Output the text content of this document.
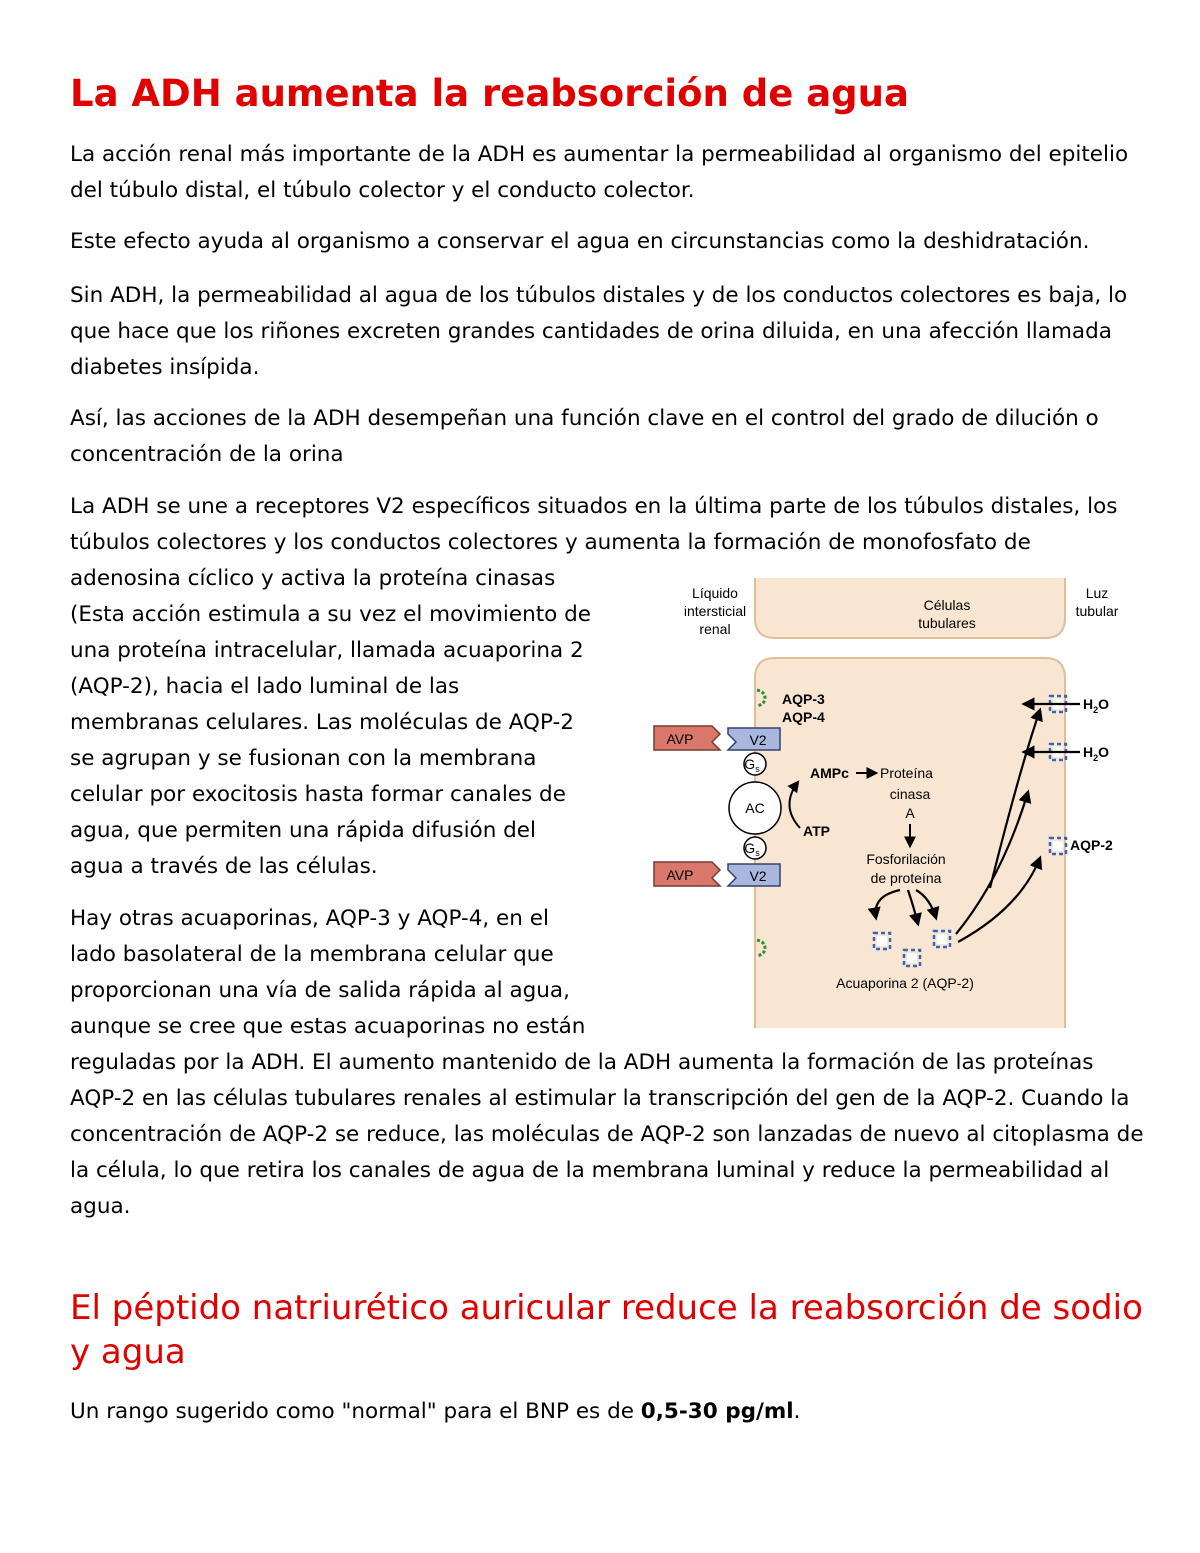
La ADH aumenta la reabsorción de agua

La acción renal más importante de la ADH es aumentar la permeabilidad al organismo del epitelio del túbulo distal, el túbulo colector y el conducto colector.

Este efecto ayuda al organismo a conservar el agua en circunstancias como la deshidratación.

Sin ADH, la permeabilidad al agua de los túbulos distales y de los conductos colectores es baja, lo que hace que los riñones excreten grandes cantidades de orina diluida, en una afección llamada diabetes insípida.

Así, las acciones de la ADH desempeñan una función clave en el control del grado de dilución o concentración de la orina

La ADH se une a receptores V2 específicos situados en la última parte de los túbulos distales, los túbulos colectores y los conductos colectores y aumenta la formación de monofosfato de

adenosina cíclico y activa la proteína cinasas

(Esta acción estimula a su vez el movimiento de

una proteína intracelular, llamada acuaporina 2

(AQP-2), hacia el lado luminal de las

membranas celulares. Las moléculas de AQP-2

se agrupan y se fusionan con la membrana

celular por exocitosis hasta formar canales de

agua, que permiten una rápida difusión del

agua a través de las células.

Hay otras acuaporinas, AQP-3 y AQP-4, en el

lado basolateral de la membrana celular que

proporcionan una vía de salida rápida al agua,

aunque se cree que estas acuaporinas no están

reguladas por la ADH. El aumento mantenido de la ADH aumenta la formación de las proteínas AQP-2 en las células tubulares renales al estimular la transcripción del gen de la AQP-2. Cuando la concentración de AQP-2 se reduce, las moléculas de AQP-2 son lanzadas de nuevo al citoplasma de la célula, lo que retira los canales de agua de la membrana luminal y reduce la permeabilidad al agua.

El péptido natriurético auricular reduce la reabsorción de sodio y agua

Un rango sugerido como "normal" para el BNP es de 0,5-30 pg/ml.

Líquido
intersticial
renal
Células
tubulares
Luz
tubular
AQP-3
AQP-4
AVP	V2
$G_s$
AC
$G_s$
AVP	V2
AMPc
ATP
Proteína
cinasa
A
Fosforilación
de proteína
Acuaporina 2 (AQP-2)
$H_2O$
$H_2O$
AQP-2
